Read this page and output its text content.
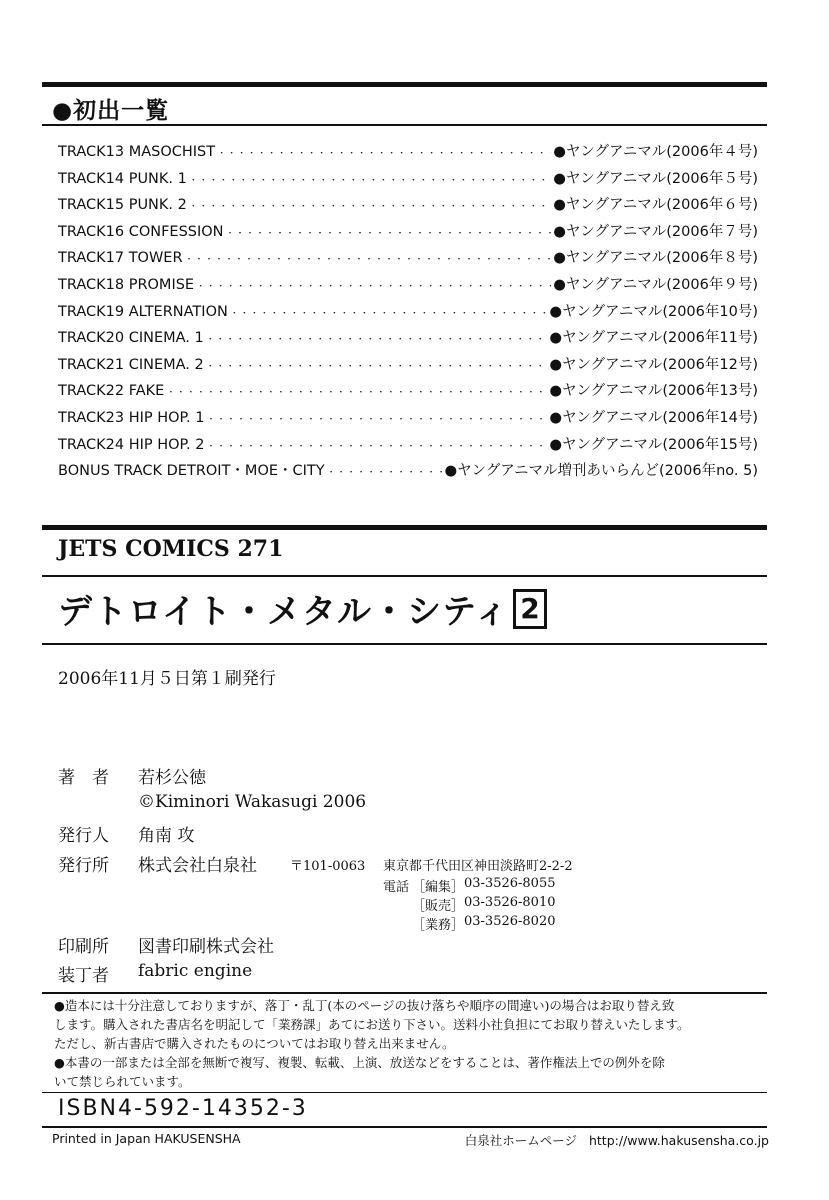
●初出一覧
TRACK13 MASOCHIST ・・・・・・・・・・・・・・・・・・・・・・・・・・・・・・・・・・・・・・・・・・・・・・・・・・・・・・・・・・・・・・・・・・・・・・・・・・・・・・・・・・・・	●ヤングアニマル(2006年４号)
TRACK14 PUNK. 1 ・・・・・・・・・・・・・・・・・・・・・・・・・・・・・・・・・・・・・・・・・・・・・・・・・・・・・・・・・・・・・・・・・・・・・・・・・・・・・・・・・・・・	●ヤングアニマル(2006年５号)
TRACK15 PUNK. 2 ・・・・・・・・・・・・・・・・・・・・・・・・・・・・・・・・・・・・・・・・・・・・・・・・・・・・・・・・・・・・・・・・・・・・・・・・・・・・・・・・・・・・	●ヤングアニマル(2006年６号)
TRACK16 CONFESSION ・・・・・・・・・・・・・・・・・・・・・・・・・・・・・・・・・・・・・・・・・・・・・・・・・・・・・・・・・・・・・・・・・・・・・・・・・・・・・・・・・・・・	●ヤングアニマル(2006年７号)
TRACK17 TOWER ・・・・・・・・・・・・・・・・・・・・・・・・・・・・・・・・・・・・・・・・・・・・・・・・・・・・・・・・・・・・・・・・・・・・・・・・・・・・・・・・・・・・	●ヤングアニマル(2006年８号)
TRACK18 PROMISE ・・・・・・・・・・・・・・・・・・・・・・・・・・・・・・・・・・・・・・・・・・・・・・・・・・・・・・・・・・・・・・・・・・・・・・・・・・・・・・・・・・・・	●ヤングアニマル(2006年９号)
TRACK19 ALTERNATION ・・・・・・・・・・・・・・・・・・・・・・・・・・・・・・・・・・・・・・・・・・・・・・・・・・・・・・・・・・・・・・・・・・・・・・・・・・・・・・・・・・・・	●ヤングアニマル(2006年10号)
TRACK20 CINEMA. 1 ・・・・・・・・・・・・・・・・・・・・・・・・・・・・・・・・・・・・・・・・・・・・・・・・・・・・・・・・・・・・・・・・・・・・・・・・・・・・・・・・・・・・	●ヤングアニマル(2006年11号)
TRACK21 CINEMA. 2 ・・・・・・・・・・・・・・・・・・・・・・・・・・・・・・・・・・・・・・・・・・・・・・・・・・・・・・・・・・・・・・・・・・・・・・・・・・・・・・・・・・・・	●ヤングアニマル(2006年12号)
TRACK22 FAKE ・・・・・・・・・・・・・・・・・・・・・・・・・・・・・・・・・・・・・・・・・・・・・・・・・・・・・・・・・・・・・・・・・・・・・・・・・・・・・・・・・・・・	●ヤングアニマル(2006年13号)
TRACK23 HIP HOP. 1 ・・・・・・・・・・・・・・・・・・・・・・・・・・・・・・・・・・・・・・・・・・・・・・・・・・・・・・・・・・・・・・・・・・・・・・・・・・・・・・・・・・・・	●ヤングアニマル(2006年14号)
TRACK24 HIP HOP. 2 ・・・・・・・・・・・・・・・・・・・・・・・・・・・・・・・・・・・・・・・・・・・・・・・・・・・・・・・・・・・・・・・・・・・・・・・・・・・・・・・・・・・・	●ヤングアニマル(2006年15号)
BONUS TRACK DETROIT・MOE・CITY ・・・・・・・・・・・・・・・・・・・・・・・・・・・・・・・・・・・・・・・・・・・・・・・・・・・・・・・・・・・・・・・・・・・・・・・・・・・・・・・・・・・・	●ヤングアニマル増刊あいらんど(2006年no. 5)
JETS COMICS 271
デトロイト・メタル・シティ 2
2006年11月５日第１刷発行
著　者 若杉公徳
©Kiminori Wakasugi 2006
発行人 角南 攻
発行所 株式会社白泉社	〒101-0063 東京都千代田区神田淡路町2-2-2
電話 ［編集］ 03-3526-8055
［販売］ 03-3526-8010
［業務］ 03-3526-8020
印刷所 図書印刷株式会社
装丁者 fabric engine

●造本には十分注意しておりますが、落丁・乱丁(本のページの抜け落ちや順序の間違い)の場合はお取り替え致

します。購入された書店名を明記して「業務課」あてにお送り下さい。送料小社負担にてお取り替えいたします。

ただし、新古書店で購入されたものについてはお取り替え出来ません。

●本書の一部または全部を無断で複写、複製、転載、上演、放送などをすることは、著作権法上での例外を除

いて禁じられています。

ISBN4-592-14352-3
Printed in Japan HAKUSENSHA	白泉社ホームページ http://www.hakusensha.co.jp
